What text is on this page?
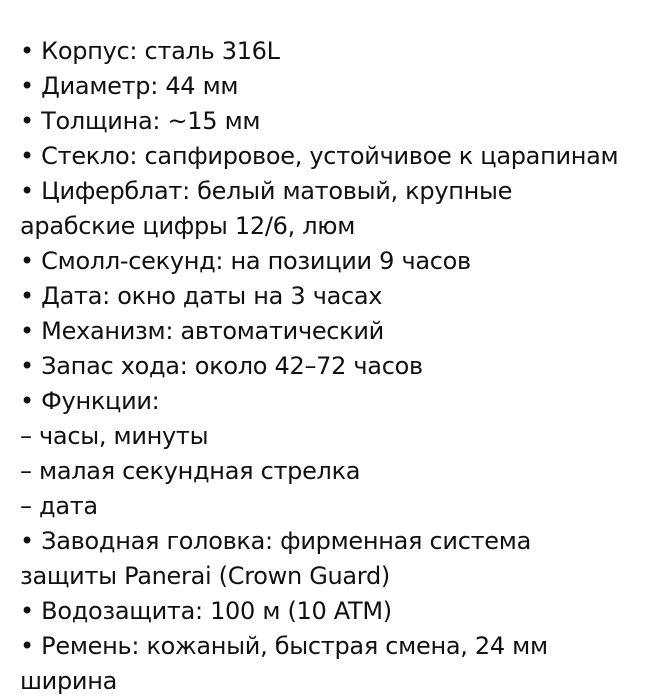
• Корпус: сталь 316L
• Диаметр: 44 мм
• Толщина: ~15 мм
• Стекло: сапфировое, устойчивое к царапинам
• Циферблат: белый матовый, крупные
арабские цифры 12/6, люм
• Смолл-секунд: на позиции 9 часов
• Дата: окно даты на 3 часах
• Механизм: автоматический
• Запас хода: около 42–72 часов
• Функции:
– часы, минуты
– малая секундная стрелка
– дата
• Заводная головка: фирменная система
защиты Panerai (Crown Guard)
• Водозащита: 100 м (10 ATM)
• Ремень: кожаный, быстрая смена, 24 мм
ширина
